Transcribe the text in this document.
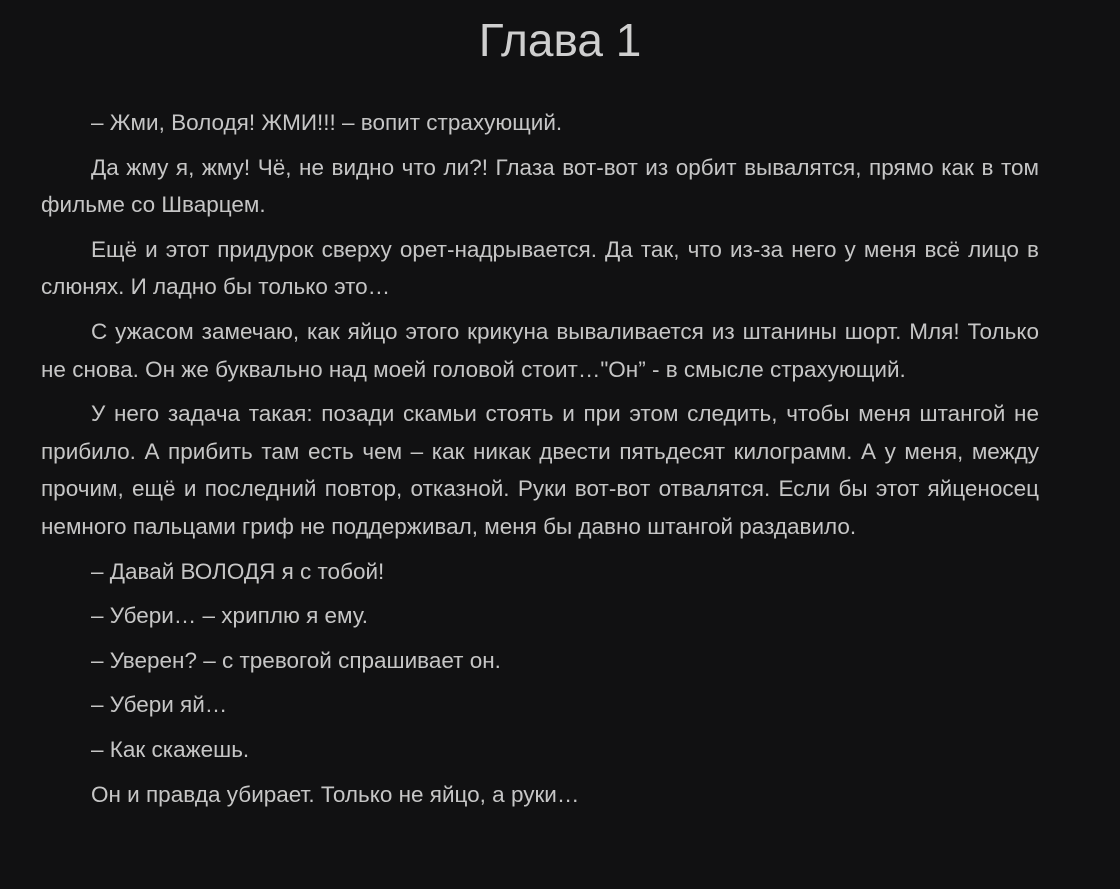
Глава 1

– Жми, Володя! ЖМИ!!! – вопит страхующий.

Да жму я, жму! Чё, не видно что ли?! Глаза вот-вот из орбит вывалятся, прямо как в том фильме со Шварцем.

Ещё и этот придурок сверху орет-надрывается. Да так, что из-за него у меня всё лицо в слюнях. И ладно бы только это…

С ужасом замечаю, как яйцо этого крикуна вываливается из штанины шорт. Мля! Только не снова. Он же буквально над моей головой стоит…"Он” - в смысле страхующий.

У него задача такая: позади скамьи стоять и при этом следить, чтобы меня штангой не прибило. А прибить там есть чем – как никак двести пятьдесят килограмм. А у меня, между прочим, ещё и последний повтор, отказной. Руки вот-вот отвалятся. Если бы этот яйценосец немного пальцами гриф не поддерживал, меня бы давно штангой раздавило.

– Давай ВОЛОДЯ я с тобой!

– Убери… – хриплю я ему.

– Уверен? – с тревогой спрашивает он.

– Убери яй…

– Как скажешь.

Он и правда убирает. Только не яйцо, а руки…
